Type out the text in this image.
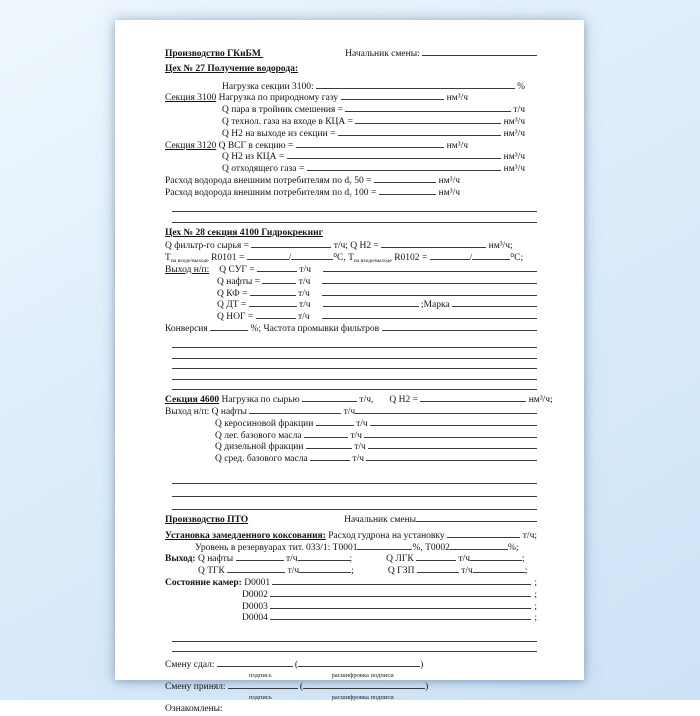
Производство ГКиБМ	Начальник смены:
Цех № 27 Получение водорода:
Нагрузка секции 3100:	%
Секция 3100 Нагрузка по природному газу	нм³/ч
Q пара в тройник смешения =	т/ч
Q технол. газа на входе в КЦА =	нм³/ч
Q Н2 на выходе из секции =	нм³/ч
Секция 3120 Q ВСГ в секцию =	нм³/ч
Q Н2 из КЦА =	нм³/ч
Q отходящего газа =	нм³/ч
Расход водорода внешним потребителям по d у 50 =	нм³/ч
Расход водорода внешним потребителям по d у 100 =	нм³/ч
Цех № 28 секция 4100 Гидрокрекинг
Q фильтр-го сырья =	т/ч; Q Н2 =	нм³/ч;
Т на входе/выходе R0101 =	/	⁰С, Т на входе/выходе R0102 =	/	⁰С;
Выход н/п: Q СУГ =	т/ч
Q нафты =	т/ч
Q КФ =	т/ч
Q ДТ =	т/ч	;Марка
Q НОГ =	т/ч
Конверсия	%; Частота промывки фильтров
Секция 4600 Нагрузка по сырью	т/ч, Q Н2 =	нм³/ч;
Выход н/п: Q нафты	т/ч
Q керосиновой фракции	т/ч
Q лег. базового масла	т/ч
Q дизельной фракции	т/ч
Q сред. базового масла	т/ч
Производство ПТО	Начальник смены
Установка замедленного коксования: Расход гудрона на установку	т/ч;
Уровень в резервуарах тит. 033/1: Т0001	%, Т0002	%;
Выход: Q нафты	т/ч	;	Q ЛГК	т/ч	;
Q ТГК	т/ч	;	Q ГЗП	т/ч	;
Состояние камер: D0001	;
D0002	;
D0003	;
D0004	;
Смену сдал:	(	)
подпись	расшифровка подписи
Смену принял:	(	)
подпись	расшифровка подписи
Ознакомлены:
